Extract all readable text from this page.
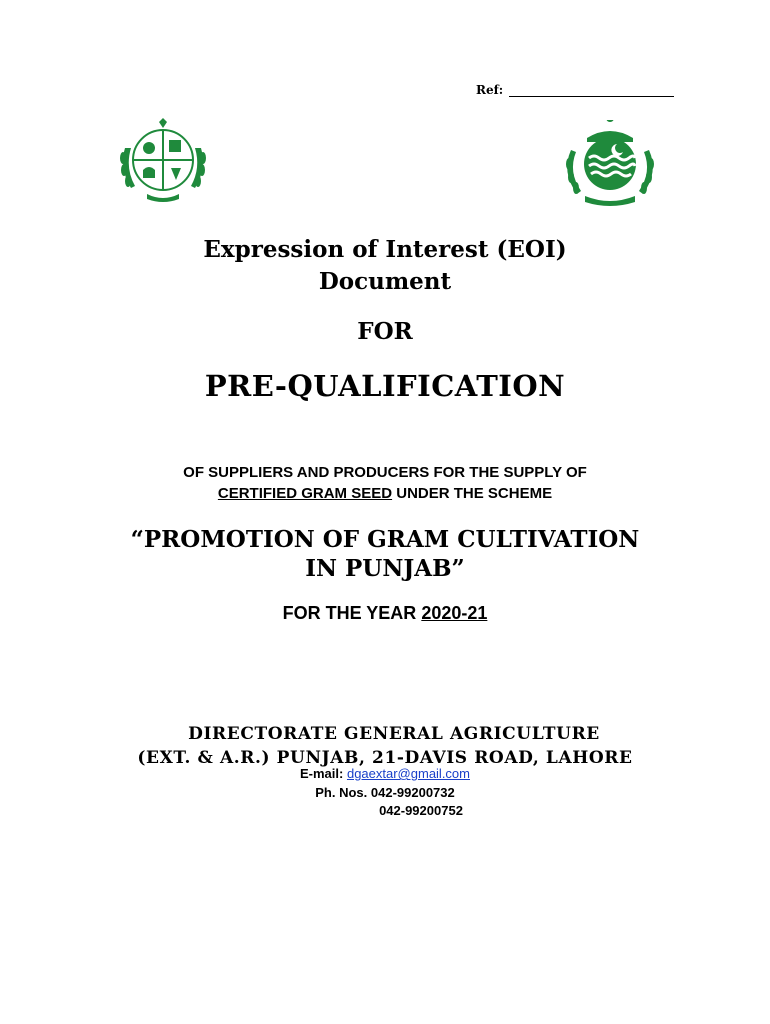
Ref:
Expression of Interest (EOI)
Document
FOR
PRE-QUALIFICATION
OF SUPPLIERS AND PRODUCERS FOR THE SUPPLY OF
CERTIFIED GRAM SEED UNDER THE SCHEME
“PROMOTION OF GRAM CULTIVATION
IN PUNJAB”
FOR THE YEAR 2020-21
DIRECTORATE GENERAL AGRICULTURE
(EXT. & A.R.) PUNJAB, 21-DAVIS ROAD, LAHORE
E-mail: dgaextar@gmail.com
Ph. Nos. 042-99200732
042-99200752
